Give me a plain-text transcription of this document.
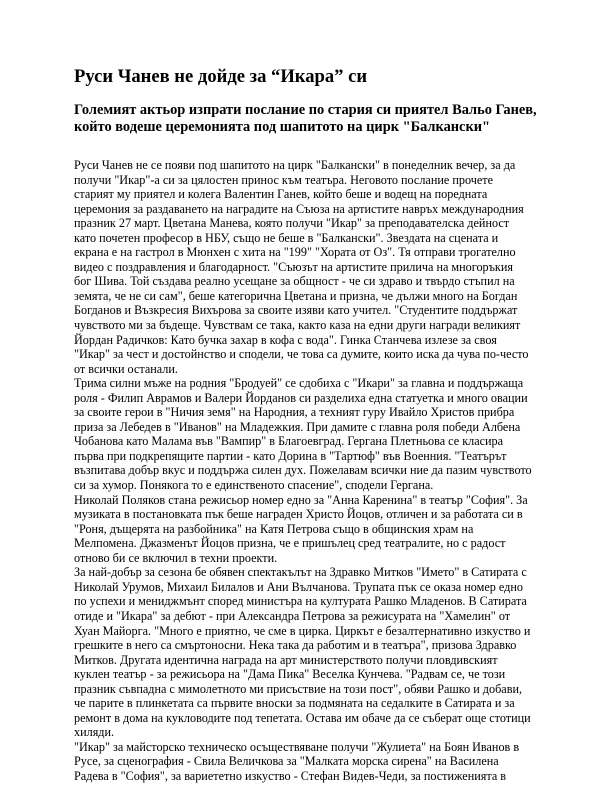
Руси Чанев не дойде за “Икара” си
Големият актьор изпрати послание по стария си приятел Вальо Ганев,
който водеше церемонията под шапитото на цирк "Балкански"

Руси Чанев не се появи под шапитото на цирк "Балкански" в понеделник вечер, за да
получи "Икар"-а си за цялостен принос към театъра. Неговото послание прочете
старият му приятел и колега Валентин Ганев, който беше и водещ на поредната
церемония за раздаването на наградите на Съюза на артистите навръх международния
празник 27 март. Цветана Манева, която получи "Икар" за преподавателска дейност
като почетен професор в НБУ, също не беше в "Балкански". Звездата на сцената и
екрана е на гастрол в Мюнхен с хита на "199" "Хората от Оз". Тя отправи трогателно
видео с поздравления и благодарност. "Съюзът на артистите прилича на многоръкия
бог Шива. Той създава реално усещане за общност - че си здраво и твърдо стъпил на
земята, че не си сам", беше категорична Цветана и призна, че дължи много на Богдан
Богданов и Възкресия Вихърова за своите изяви като учител. "Студентите поддържат
чувството ми за бъдеще. Чувствам се така, както каза на едни други награди великият
Йордан Радичков: Като бучка захар в кофа с вода". Гинка Станчева излезе за своя
"Икар" за чест и достойнство и сподели, че това са думите, които иска да чува по-често
от всички останали.

Трима силни мъже на родния "Бродуей" се сдобиха с "Икари" за главна и поддържаща
роля - Филип Аврамов и Валери Йорданов си разделиха една статуетка и много овации
за своите герои в "Ничия земя" на Народния, а техният гуру Ивайло Христов прибра
приза за Лебедев в "Иванов" на Младежкия. При дамите с главна роля победи Албена
Чобанова като Малама във "Вампир" в Благоевград. Гергана Плетньова се класира
първа при подкрепящите партии - като Дорина в "Тартюф" във Военния. "Театърът
възпитава добър вкус и поддържа силен дух. Пожелавам всички ние да пазим чувството
си за хумор. Понякога то е единственото спасение", сподели Гергана.

Николай Поляков стана режисьор номер едно за "Анна Каренина" в театър "София". За
музиката в постановката пък беше награден Христо Йоцов, отличен и за работата си в
"Роня, дъщерята на разбойника" на Катя Петрова също в общинския храм на
Мелпомена. Джазменът Йоцов призна, че е пришълец сред театралите, но с радост
отново би се включил в техни проекти.

За най-добър за сезона бе обявен спектакълът на Здравко Митков "Името" в Сатирата с
Николай Урумов, Михаил Билалов и Ани Вълчанова. Трупата пък се оказа номер едно
по успехи и мениджмънт според министъра на културата Рашко Младенов. В Сатирата
отиде и "Икара" за дебют - при Александра Петрова за режисурата на "Хамелин" от
Хуан Майорга. "Много е приятно, че сме в цирка. Циркът е безалтернативно изкуство и
грешките в него са смъртоносни. Нека така да работим и в театъра", призова Здравко
Митков. Другата идентична награда на арт министерството получи пловдивският
куклен театър - за режисьора на "Дама Пика" Веселка Кунчева. "Радвам се, че този
празник съвпадна с мимолетното ми присъствие на този пост", обяви Рашко и добави,
че парите в плинкетата са първите вноски за подмяната на седалките в Сатирата и за
ремонт в дома на кукловодите под тепетата. Остава им обаче да се съберат още стотици
хиляди.

"Икар" за майсторско техническо осъществяване получи "Жулиета" на Боян Иванов в
Русе, за сценография - Свила Величкова за "Малката морска сирена" на Василена
Радева в "София", за вариететно изкуство - Стефан Видев-Чеди, за постиженията в
